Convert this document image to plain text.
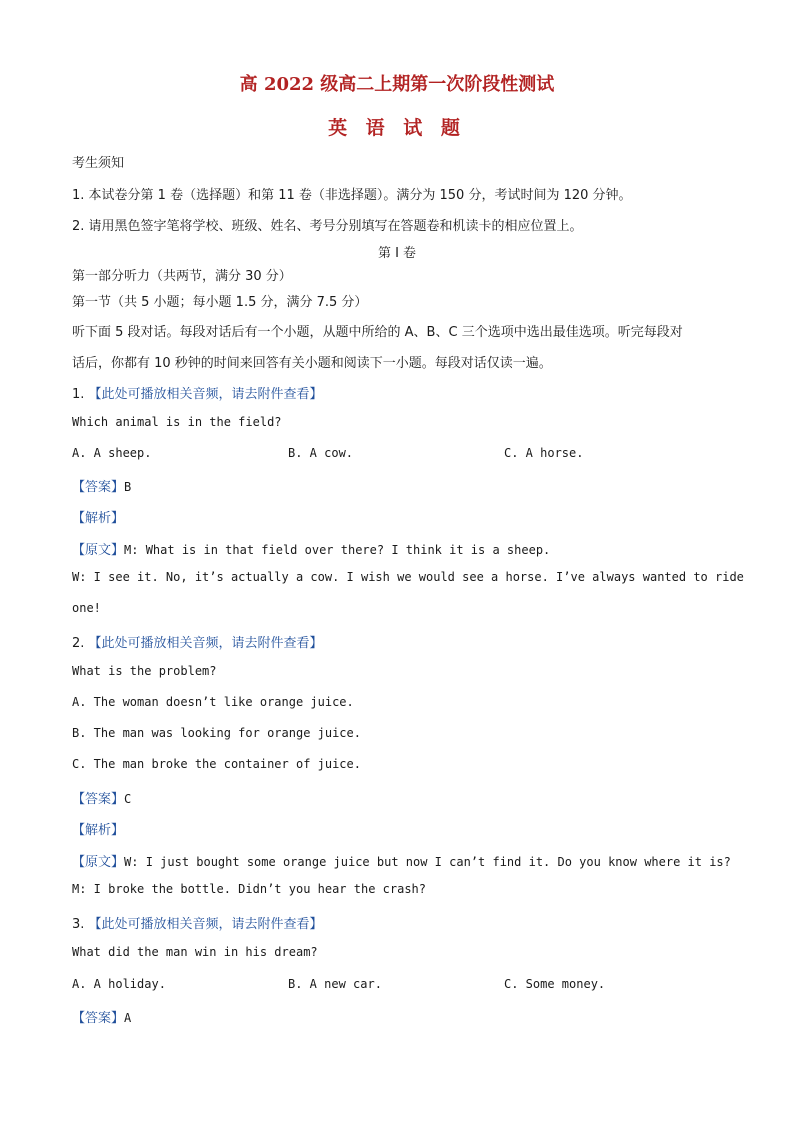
高 2022 级高二上期第一次阶段性测试
英 语 试 题
考生须知
1. 本试卷分第 1 卷（选择题）和第 11 卷（非选择题）。满分为 150 分，考试时间为 120 分钟。
2. 请用黑色签字笔将学校、班级、姓名、考号分别填写在答题卷和机读卡的相应位置上。
第 I 卷
第一部分听力（共两节，满分 30 分）
第一节（共 5 小题；每小题 1.5 分，满分 7.5 分）
听下面 5 段对话。每段对话后有一个小题，从题中所给的 A、B、C 三个选项中选出最佳选项。听完每段对
话后，你都有 10 秒钟的时间来回答有关小题和阅读下一小题。每段对话仅读一遍。
1. 【此处可播放相关音频，请去附件查看】
Which animal is in the field?
A. A sheep.	B. A cow.	C. A horse.
【答案】B
【解析】
【原文】M: What is in that field over there? I think it is a sheep.
W: I see it. No, it’s actually a cow. I wish we would see a horse. I’ve always wanted to ride
one!
2. 【此处可播放相关音频，请去附件查看】
What is the problem?
A. The woman doesn’t like orange juice.
B. The man was looking for orange juice.
C. The man broke the container of juice.
【答案】C
【解析】
【原文】W: I just bought some orange juice but now I can’t find it. Do you know where it is?
M: I broke the bottle. Didn’t you hear the crash?
3. 【此处可播放相关音频，请去附件查看】
What did the man win in his dream?
A. A holiday.	B. A new car.	C. Some money.
【答案】A
